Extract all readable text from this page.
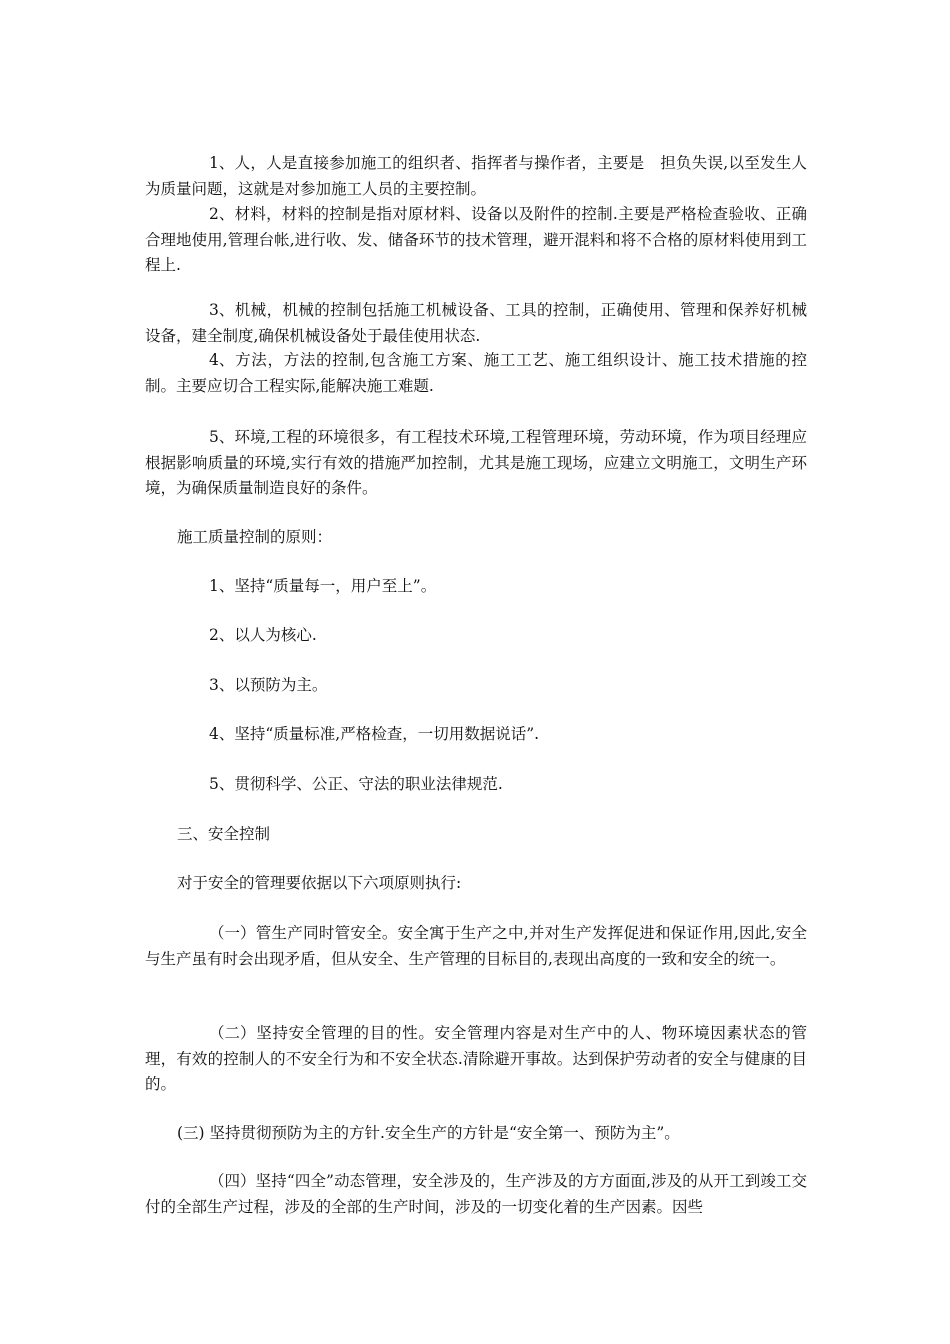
1、人，人是直接参加施工的组织者、指挥者与操作者，主要是　担负失误,以至发生人为质量问题，这就是对参加施工人员的主要控制。

2、材料，材料的控制是指对原材料、设备以及附件的控制.主要是严格检查验收、正确合理地使用,管理台帐,进行收、发、储备环节的技术管理，避开混料和将不合格的原材料使用到工程上.

3、机械，机械的控制包括施工机械设备、工具的控制，正确使用、管理和保养好机械设备，建全制度,确保机械设备处于最佳使用状态.

4、方法，方法的控制,包含施工方案、施工工艺、施工组织设计、施工技术措施的控制。主要应切合工程实际,能解决施工难题.

5、环境,工程的环境很多，有工程技术环境,工程管理环境，劳动环境，作为项目经理应根据影响质量的环境,实行有效的措施严加控制，尤其是施工现场，应建立文明施工，文明生产环境，为确保质量制造良好的条件。

施工质量控制的原则：

1、坚持“质量每一，用户至上”。

2、以人为核心.

3、以预防为主。

4、坚持“质量标准,严格检查，一切用数据说话”.

5、贯彻科学、公正、守法的职业法律规范.

三、安全控制

对于安全的管理要依据以下六项原则执行:

（一）管生产同时管安全。安全寓于生产之中,并对生产发挥促进和保证作用,因此,安全与生产虽有时会出现矛盾，但从安全、生产管理的目标目的,表现出高度的一致和安全的统一。

（二）坚持安全管理的目的性。安全管理内容是对生产中的人、物环境因素状态的管理，有效的控制人的不安全行为和不安全状态.清除避开事故。达到保护劳动者的安全与健康的目的。

(三) 坚持贯彻预防为主的方针.安全生产的方针是“安全第一、预防为主”。

（四）坚持“四全”动态管理，安全涉及的，生产涉及的方方面面,涉及的从开工到竣工交付的全部生产过程，涉及的全部的生产时间，涉及的一切变化着的生产因素。因些
